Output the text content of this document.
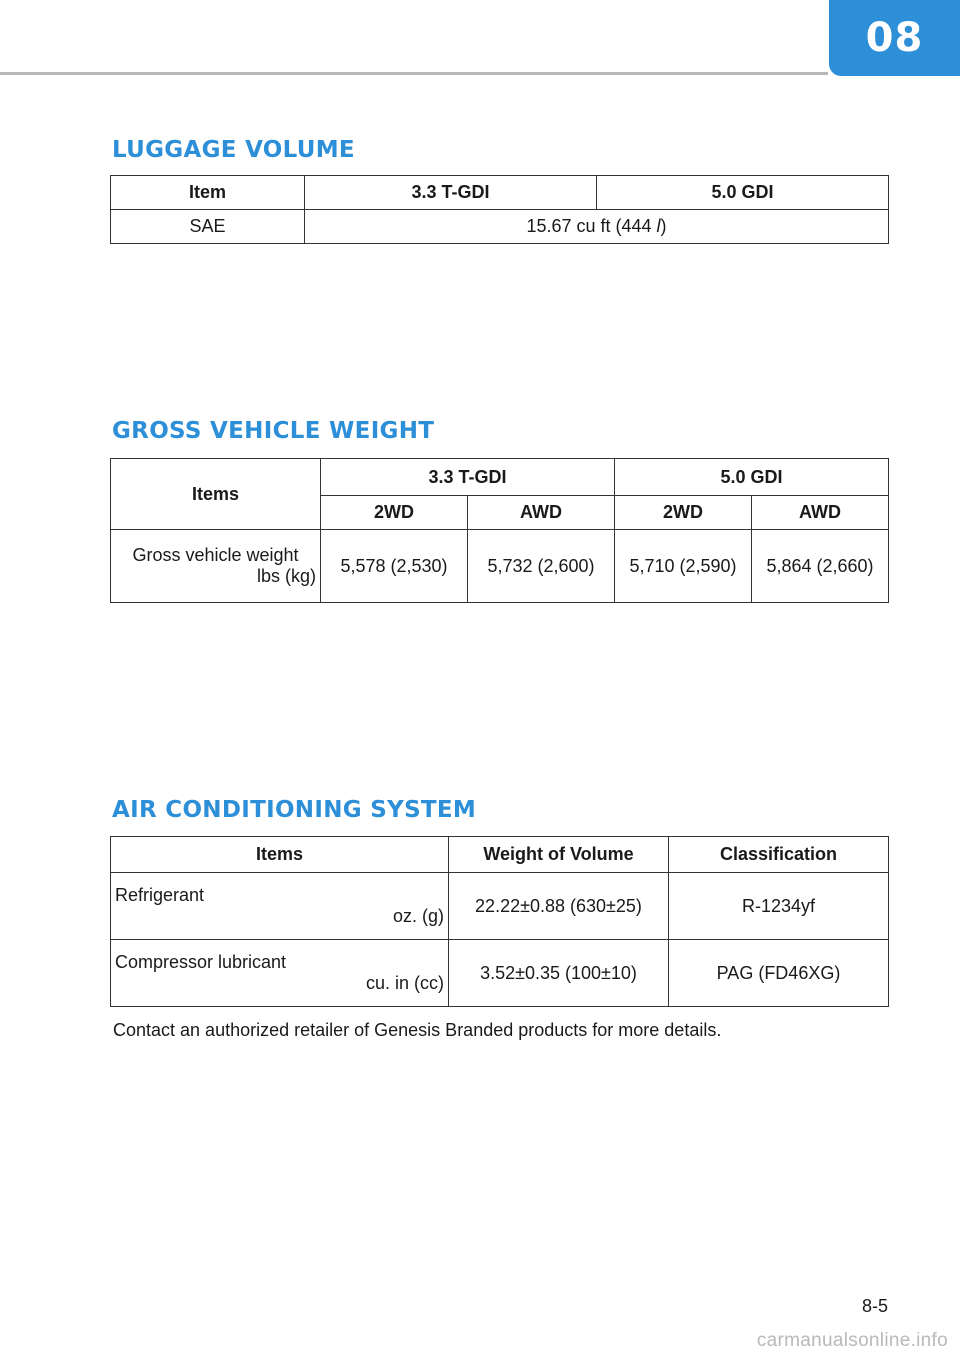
08
LUGGAGE VOLUME
Item	3.3 T-GDI	5.0 GDI
SAE	15.67 cu ft (444 l)	
GROSS VEHICLE WEIGHT
Items	3.3 T-GDI		5.0 GDI	
	2WD	AWD	2WD	AWD

Gross vehicle weight
lbs (kg)	5,578 (2,530)	5,732 (2,600)	5,710 (2,590)	5,864 (2,660)
AIR CONDITIONING SYSTEM
Items	Weight of Volume	Classification

Refrigerant
oz. (g)	22.22±0.88 (630±25)	R-1234yf

Compressor lubricant
cu. in (cc)	3.52±0.35 (100±10)	PAG (FD46XG)

Contact an authorized retailer of Genesis Branded products for more details.

8-5
carmanualsonline.info
